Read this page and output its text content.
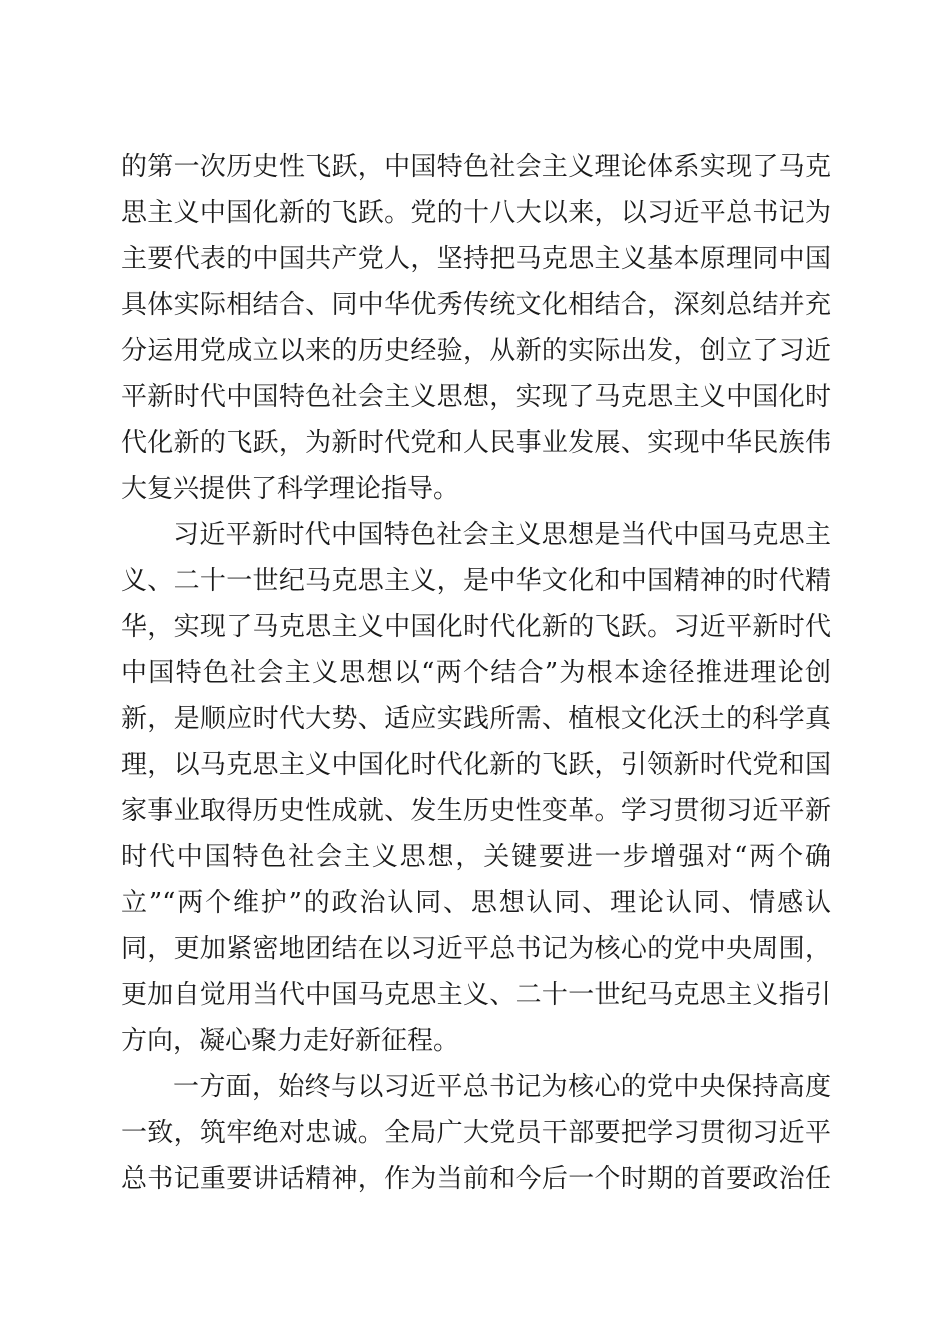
的第一次历史性飞跃，中国特色社会主义理论体系实现了马克
思主义中国化新的飞跃。党的十八大以来，以习近平总书记为
主要代表的中国共产党人，坚持把马克思主义基本原理同中国
具体实际相结合、同中华优秀传统文化相结合，深刻总结并充
分运用党成立以来的历史经验，从新的实际出发，创立了习近
平新时代中国特色社会主义思想，实现了马克思主义中国化时
代化新的飞跃，为新时代党和人民事业发展、实现中华民族伟
大复兴提供了科学理论指导。
习近平新时代中国特色社会主义思想是当代中国马克思主
义、二十一世纪马克思主义，是中华文化和中国精神的时代精
华，实现了马克思主义中国化时代化新的飞跃。习近平新时代
中国特色社会主义思想以“两个结合”为根本途径推进理论创
新，是顺应时代大势、适应实践所需、植根文化沃土的科学真
理，以马克思主义中国化时代化新的飞跃，引领新时代党和国
家事业取得历史性成就、发生历史性变革。学习贯彻习近平新
时代中国特色社会主义思想，关键要进一步增强对“两个确
立”“两个维护”的政治认同、思想认同、理论认同、情感认
同，更加紧密地团结在以习近平总书记为核心的党中央周围，
更加自觉用当代中国马克思主义、二十一世纪马克思主义指引
方向，凝心聚力走好新征程。
一方面，始终与以习近平总书记为核心的党中央保持高度
一致，筑牢绝对忠诚。全局广大党员干部要把学习贯彻习近平
总书记重要讲话精神，作为当前和今后一个时期的首要政治任
